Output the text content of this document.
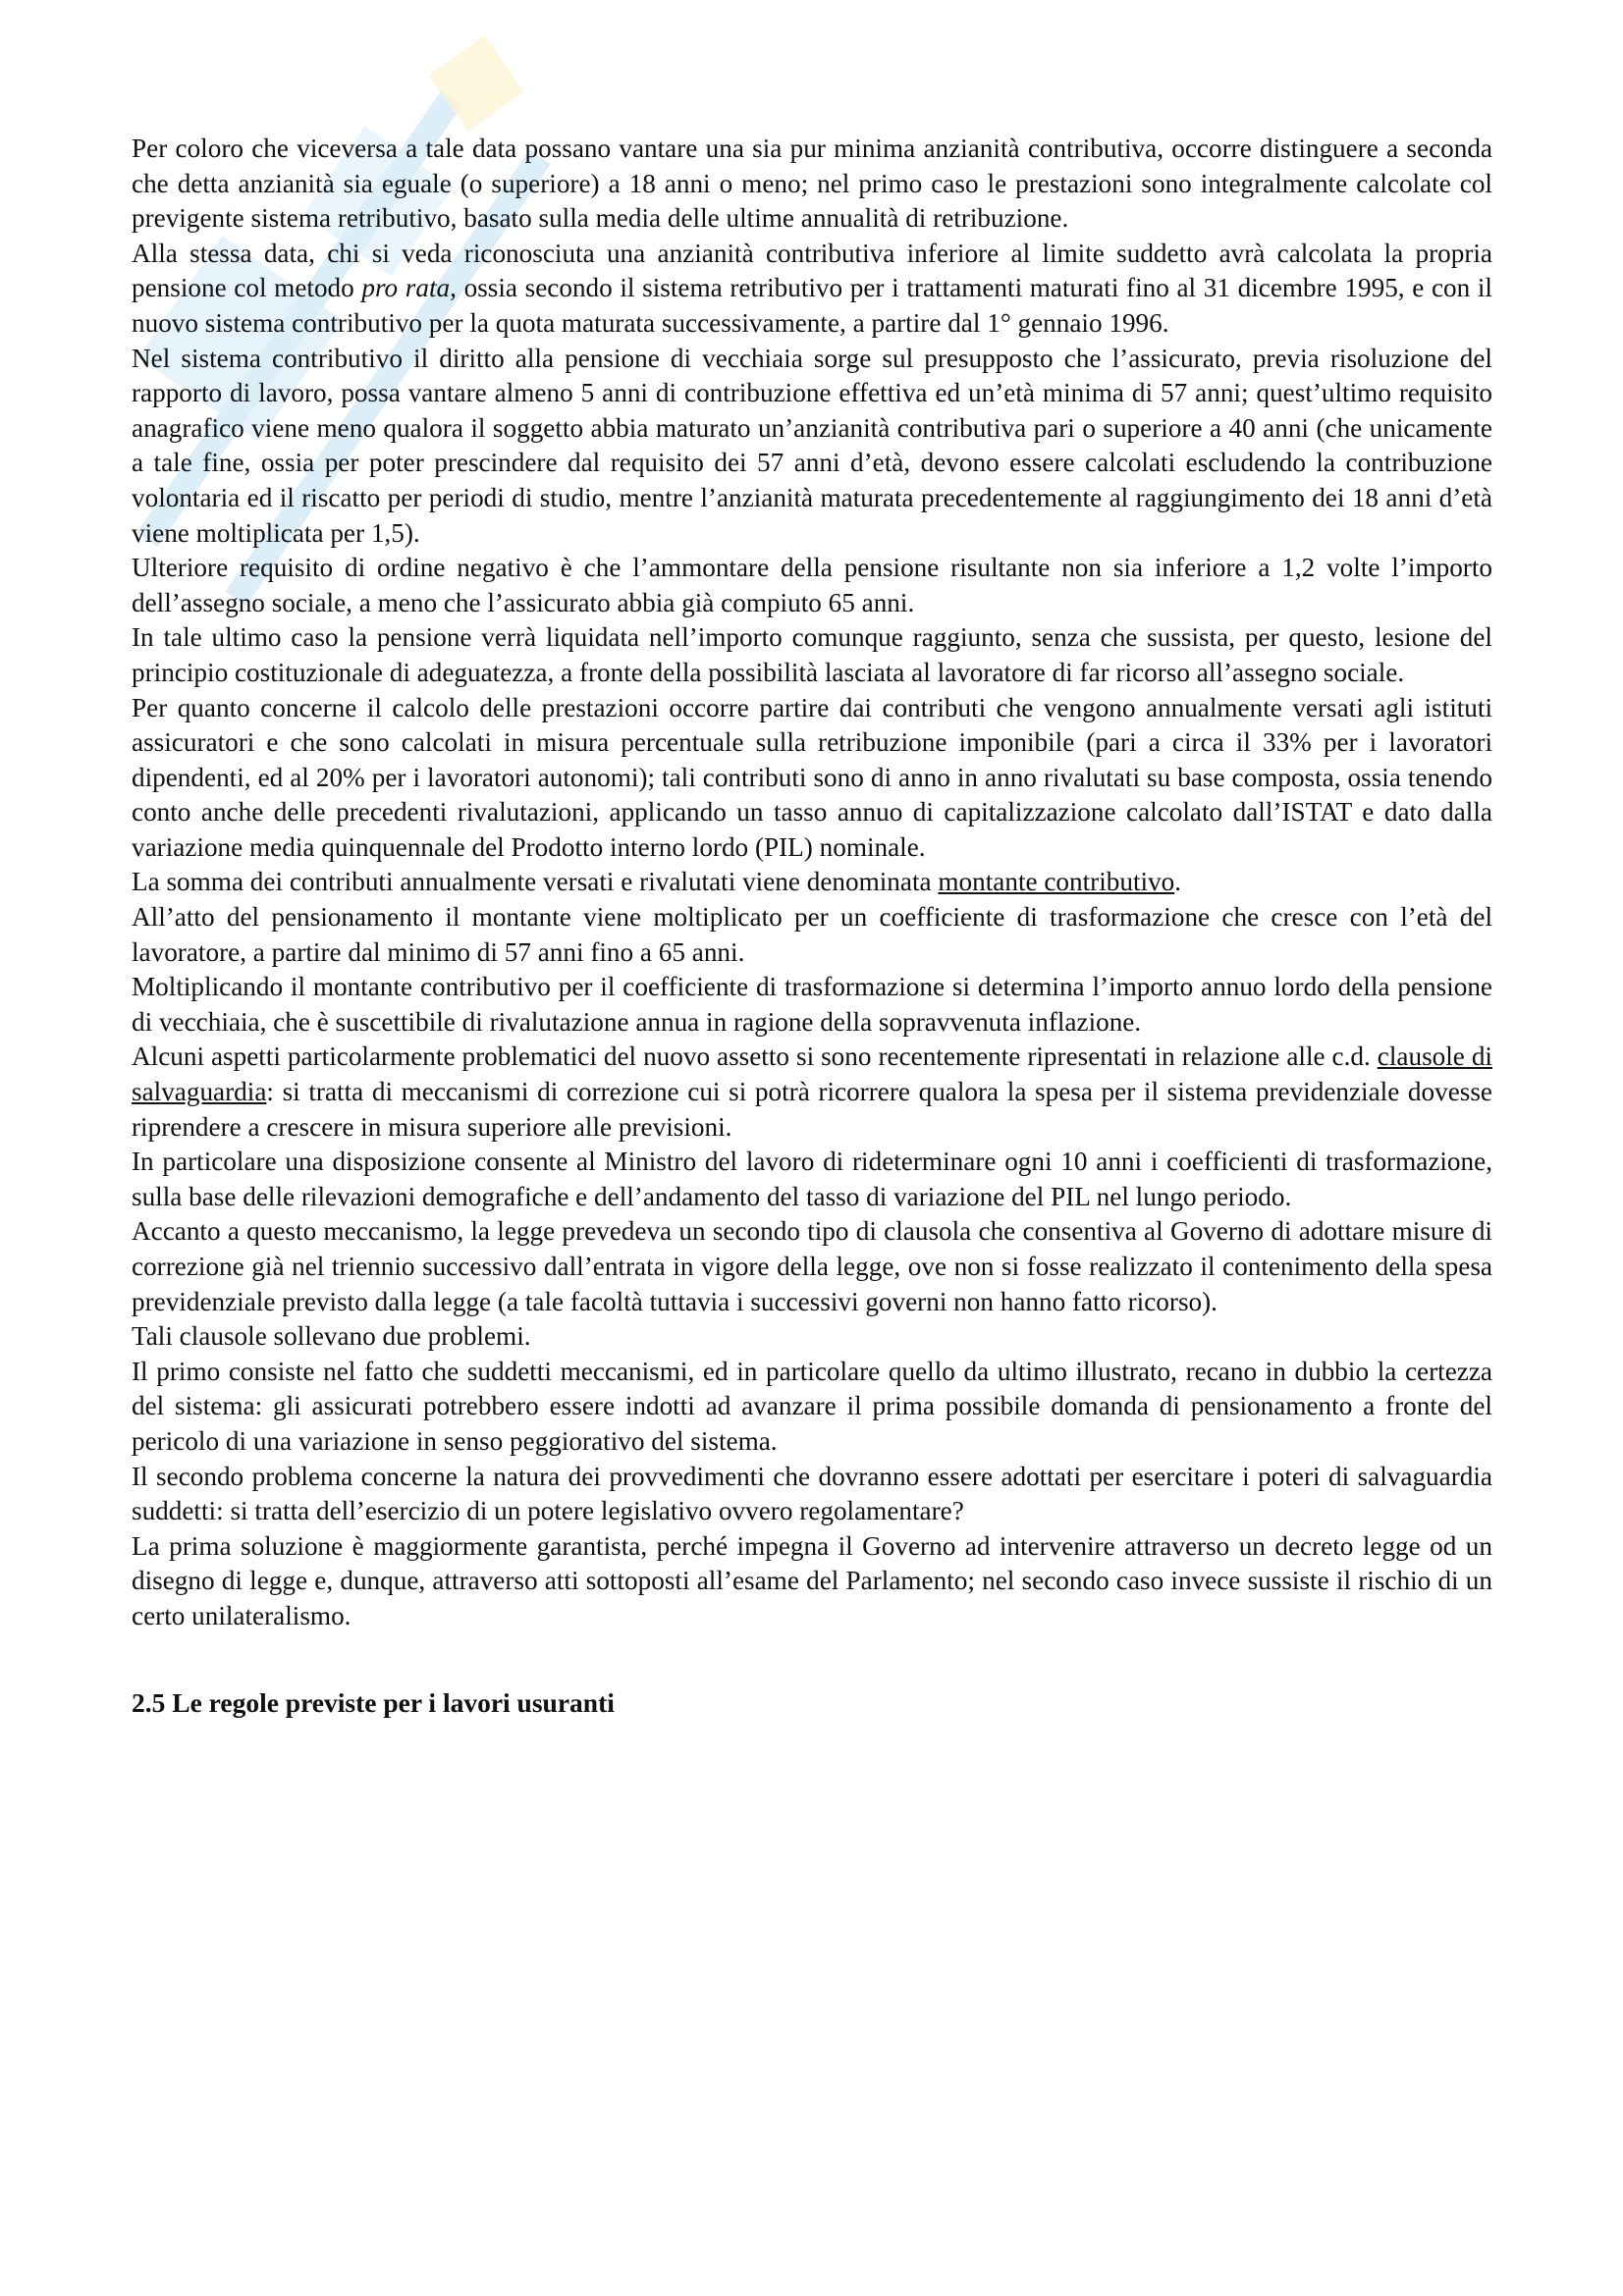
Per coloro che viceversa a tale data possano vantare una sia pur minima anzianità contributiva, occorre distinguere a seconda che detta anzianità sia eguale (o superiore) a 18 anni o meno; nel primo caso le prestazioni sono integralmente calcolate col previgente sistema retributivo, basato sulla media delle ultime annualità di retribuzione.

Alla stessa data, chi si veda riconosciuta una anzianità contributiva inferiore al limite suddetto avrà calcolata la propria pensione col metodo pro rata, ossia secondo il sistema retributivo per i trattamenti maturati fino al 31 dicembre 1995, e con il nuovo sistema contributivo per la quota maturata successivamente, a partire dal 1° gennaio 1996.

Nel sistema contributivo il diritto alla pensione di vecchiaia sorge sul presupposto che l’assicurato, previa risoluzione del rapporto di lavoro, possa vantare almeno 5 anni di contribuzione effettiva ed un’età minima di 57 anni; quest’ultimo requisito anagrafico viene meno qualora il soggetto abbia maturato un’anzianità contributiva pari o superiore a 40 anni (che unicamente a tale fine, ossia per poter prescindere dal requisito dei 57 anni d’età, devono essere calcolati escludendo la contribuzione volontaria ed il riscatto per periodi di studio, mentre l’anzianità maturata precedentemente al raggiungimento dei 18 anni d’età viene moltiplicata per 1,5).

Ulteriore requisito di ordine negativo è che l’ammontare della pensione risultante non sia inferiore a 1,2 volte l’importo dell’assegno sociale, a meno che l’assicurato abbia già compiuto 65 anni.

In tale ultimo caso la pensione verrà liquidata nell’importo comunque raggiunto, senza che sussista, per questo, lesione del principio costituzionale di adeguatezza, a fronte della possibilità lasciata al lavoratore di far ricorso all’assegno sociale.

Per quanto concerne il calcolo delle prestazioni occorre partire dai contributi che vengono annualmente versati agli istituti assicuratori e che sono calcolati in misura percentuale sulla retribuzione imponibile (pari a circa il 33% per i lavoratori dipendenti, ed al 20% per i lavoratori autonomi); tali contributi sono di anno in anno rivalutati su base composta, ossia tenendo conto anche delle precedenti rivalutazioni, applicando un tasso annuo di capitalizzazione calcolato dall’ISTAT e dato dalla variazione media quinquennale del Prodotto interno lordo (PIL) nominale.

La somma dei contributi annualmente versati e rivalutati viene denominata montante contributivo.

All’atto del pensionamento il montante viene moltiplicato per un coefficiente di trasformazione che cresce con l’età del lavoratore, a partire dal minimo di 57 anni fino a 65 anni.

Moltiplicando il montante contributivo per il coefficiente di trasformazione si determina l’importo annuo lordo della pensione di vecchiaia, che è suscettibile di rivalutazione annua in ragione della sopravvenuta inflazione.

Alcuni aspetti particolarmente problematici del nuovo assetto si sono recentemente ripresentati in relazione alle c.d. clausole di salvaguardia: si tratta di meccanismi di correzione cui si potrà ricorrere qualora la spesa per il sistema previdenziale dovesse riprendere a crescere in misura superiore alle previsioni.

In particolare una disposizione consente al Ministro del lavoro di rideterminare ogni 10 anni i coefficienti di trasformazione, sulla base delle rilevazioni demografiche e dell’andamento del tasso di variazione del PIL nel lungo periodo.

Accanto a questo meccanismo, la legge prevedeva un secondo tipo di clausola che consentiva al Governo di adottare misure di correzione già nel triennio successivo dall’entrata in vigore della legge, ove non si fosse realizzato il contenimento della spesa previdenziale previsto dalla legge (a tale facoltà tuttavia i successivi governi non hanno fatto ricorso).

Tali clausole sollevano due problemi.

Il primo consiste nel fatto che suddetti meccanismi, ed in particolare quello da ultimo illustrato, recano in dubbio la certezza del sistema: gli assicurati potrebbero essere indotti ad avanzare il prima possibile domanda di pensionamento a fronte del pericolo di una variazione in senso peggiorativo del sistema.

Il secondo problema concerne la natura dei provvedimenti che dovranno essere adottati per esercitare i poteri di salvaguardia suddetti: si tratta dell’esercizio di un potere legislativo ovvero regolamentare?

La prima soluzione è maggiormente garantista, perché impegna il Governo ad intervenire attraverso un decreto legge od un disegno di legge e, dunque, attraverso atti sottoposti all’esame del Parlamento; nel secondo caso invece sussiste il rischio di un certo unilateralismo.

2.5 Le regole previste per i lavori usuranti
